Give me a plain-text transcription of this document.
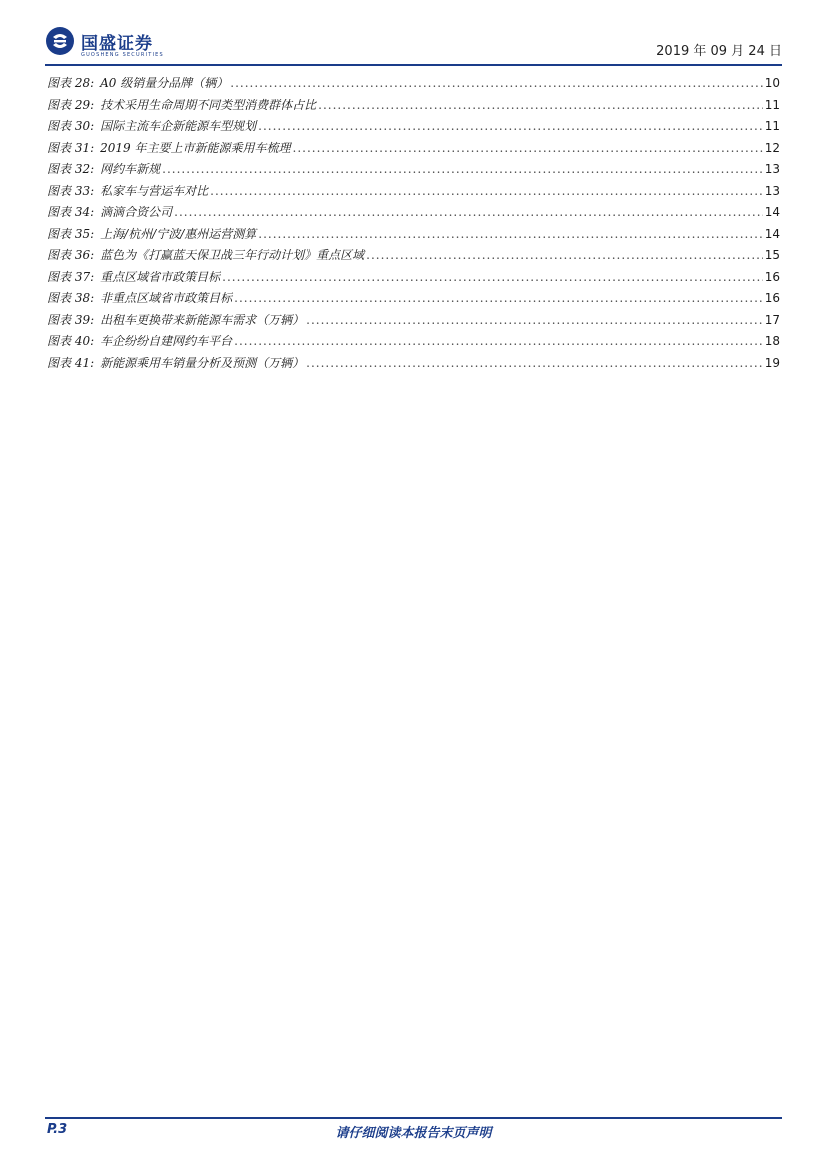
国盛证券
GUOSHENG SECURITIES	2019 年 09 月 24 日
图表 28: A0 级销量分品牌（辆） .....	10
图表 29: 技术采用生命周期不同类型消费群体占比 .....	11
图表 30: 国际主流车企新能源车型规划 .....	11
图表 31: 2019 年主要上市新能源乘用车梳理 .....	12
图表 32: 网约车新规 .....	13
图表 33: 私家车与营运车对比 .....	13
图表 34: 滴滴合资公司 .....	14
图表 35: 上海/杭州/宁波/惠州运营测算 .....	14
图表 36: 蓝色为《打赢蓝天保卫战三年行动计划》重点区域 .....	15
图表 37: 重点区域省市政策目标 .....	16
图表 38: 非重点区域省市政策目标 .....	16
图表 39: 出租车更换带来新能源车需求（万辆） .....	17
图表 40: 车企纷纷自建网约车平台 .....	18
图表 41: 新能源乘用车销量分析及预测（万辆） .....	19
P.3	请仔细阅读本报告末页声明
